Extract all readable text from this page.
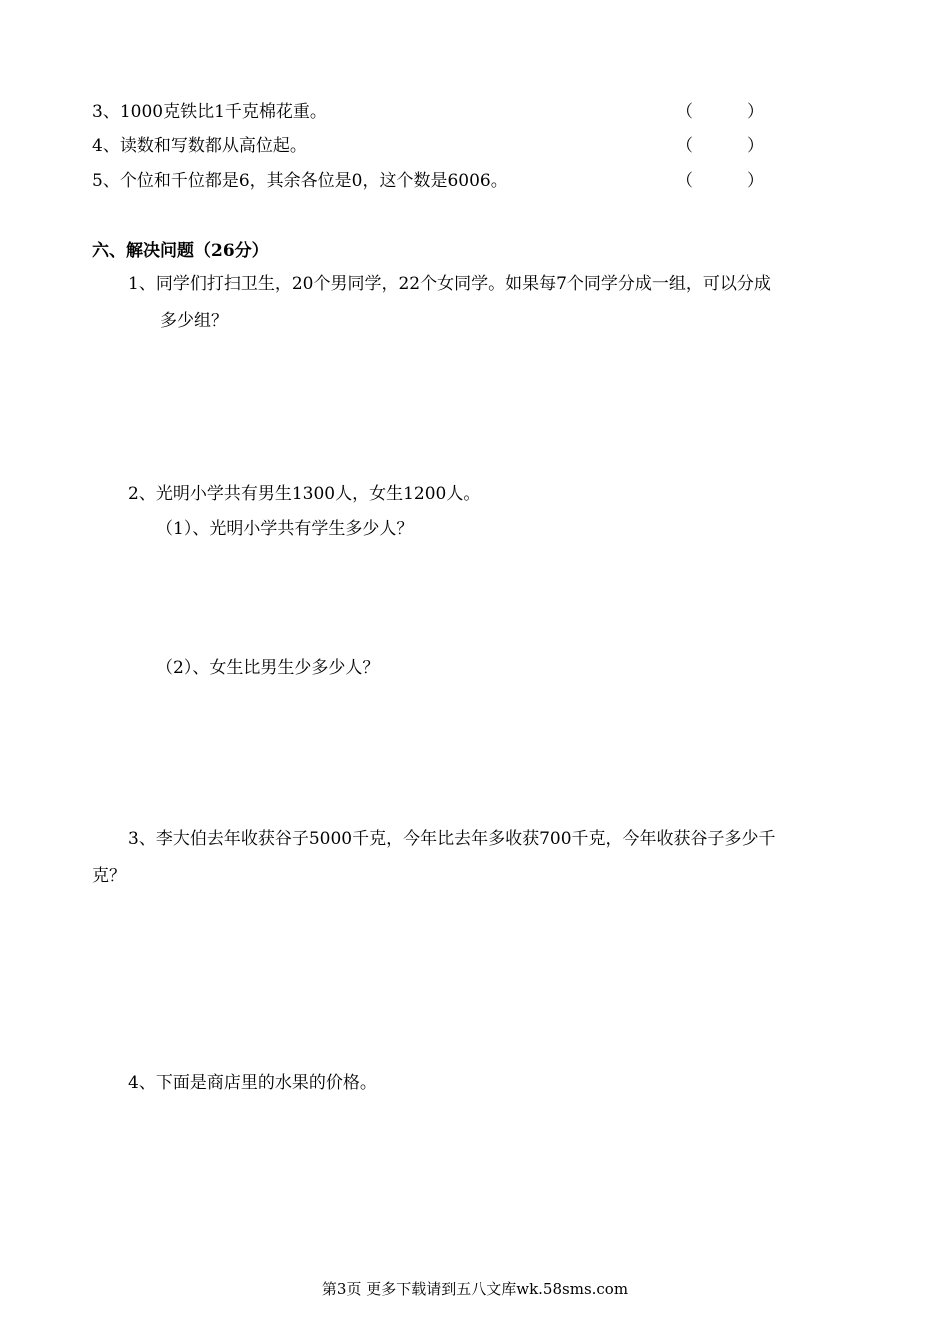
3、1000克铁比1千克棉花重。	（          ）
4、读数和写数都从高位起。	（          ）
5、个位和千位都是6，其余各位是0，这个数是6006。	（          ）
六、解决问题（26分）
1、同学们打扫卫生，20个男同学，22个女同学。如果每7个同学分成一组，可以分成
多少组？
2、光明小学共有男生1300人，女生1200人。
（1）、光明小学共有学生多少人？
（2）、女生比男生少多少人？
3、李大伯去年收获谷子5000千克，今年比去年多收获700千克，今年收获谷子多少千
克？
4、下面是商店里的水果的价格。
第3页 更多下载请到五八文库wk.58sms.com
